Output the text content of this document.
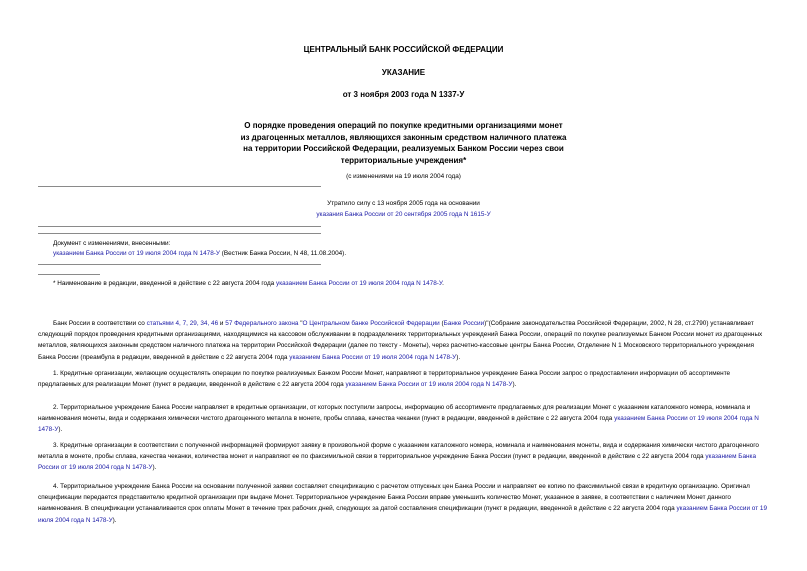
ЦЕНТРАЛЬНЫЙ БАНК РОССИЙСКОЙ ФЕДЕРАЦИИ
УКАЗАНИЕ
от 3 ноября 2003 года N 1337-У
О порядке проведения операций по покупке кредитными организациями монет
из драгоценных металлов, являющихся законным средством наличного платежа
на территории Российской Федерации, реализуемых Банком России через свои
территориальные учреждения*
(с изменениями на 19 июля 2004 года)
Утратило силу с 13 ноября 2005 года на основании
указания Банка России от 20 сентября 2005 года N 1615-У
Документ с изменениями, внесенными:
указанием Банка России от 19 июля 2004 года N 1478-У (Вестник Банка России, N 48, 11.08.2004).
* Наименование в редакции, введенной в действие с 22 августа 2004 года указанием Банка России от 19 июля 2004 года N 1478-У.
Банк России в соответствии со статьями 4, 7, 29, 34, 46 и 57 Федерального закона "О Центральном банке Российской Федерации (Банке России)"(Собрание законодательства Российской Федерации, 2002, N 28, ст.2790) устанавливает следующий порядок проведения кредитными организациями, находящимися на кассовом обслуживании в подразделениях территориальных учреждений Банка России, операций по покупке реализуемых Банком России монет из драгоценных металлов, являющихся законным средством наличного платежа на территории Российской Федерации (далее по тексту - Монеты), через расчетно-кассовые центры Банка России, Отделение N 1 Московского территориального учреждения Банка России (преамбула в редакции, введенной в действие с 22 августа 2004 года указанием Банка России от 19 июля 2004 года N 1478-У).
1. Кредитные организации, желающие осуществлять операции по покупке реализуемых Банком России Монет, направляют в территориальное учреждение Банка России запрос о предоставлении информации об ассортименте предлагаемых для реализации Монет (пункт в редакции, введенной в действие с 22 августа 2004 года указанием Банка России от 19 июля 2004 года N 1478-У).
2. Территориальное учреждение Банка России направляет в кредитные организации, от которых поступили запросы, информацию об ассортименте предлагаемых для реализации Монет с указанием каталожного номера, номинала и наименования монеты, вида и содержания химически чистого драгоценного металла в монете, пробы сплава, качества чеканки (пункт в редакции, введенной в действие с 22 августа 2004 года указанием Банка России от 19 июля 2004 года N 1478-У).
3. Кредитные организации в соответствии с полученной информацией формируют заявку в произвольной форме с указанием каталожного номера, номинала и наименования монеты, вида и содержания химически чистого драгоценного металла в монете, пробы сплава, качества чеканки, количества монет и направляют ее по факсимильной связи в территориальное учреждение Банка России (пункт в редакции, введенной в действие с 22 августа 2004 года указанием Банка России от 19 июля 2004 года N 1478-У).
4. Территориальное учреждение Банка России на основании полученной заявки составляет спецификацию с расчетом отпускных цен Банка России и направляет ее копию по факсимильной связи в кредитную организацию. Оригинал спецификации передается представителю кредитной организации при выдаче Монет. Территориальное учреждение Банка России вправе уменьшить количество Монет, указанное в заявке, в соответствии с наличием Монет данного наименования. В спецификации устанавливается срок оплаты Монет в течение трех рабочих дней, следующих за датой составления спецификации (пункт в редакции, введенной в действие с 22 августа 2004 года указанием Банка России от 19 июля 2004 года N 1478-У).
